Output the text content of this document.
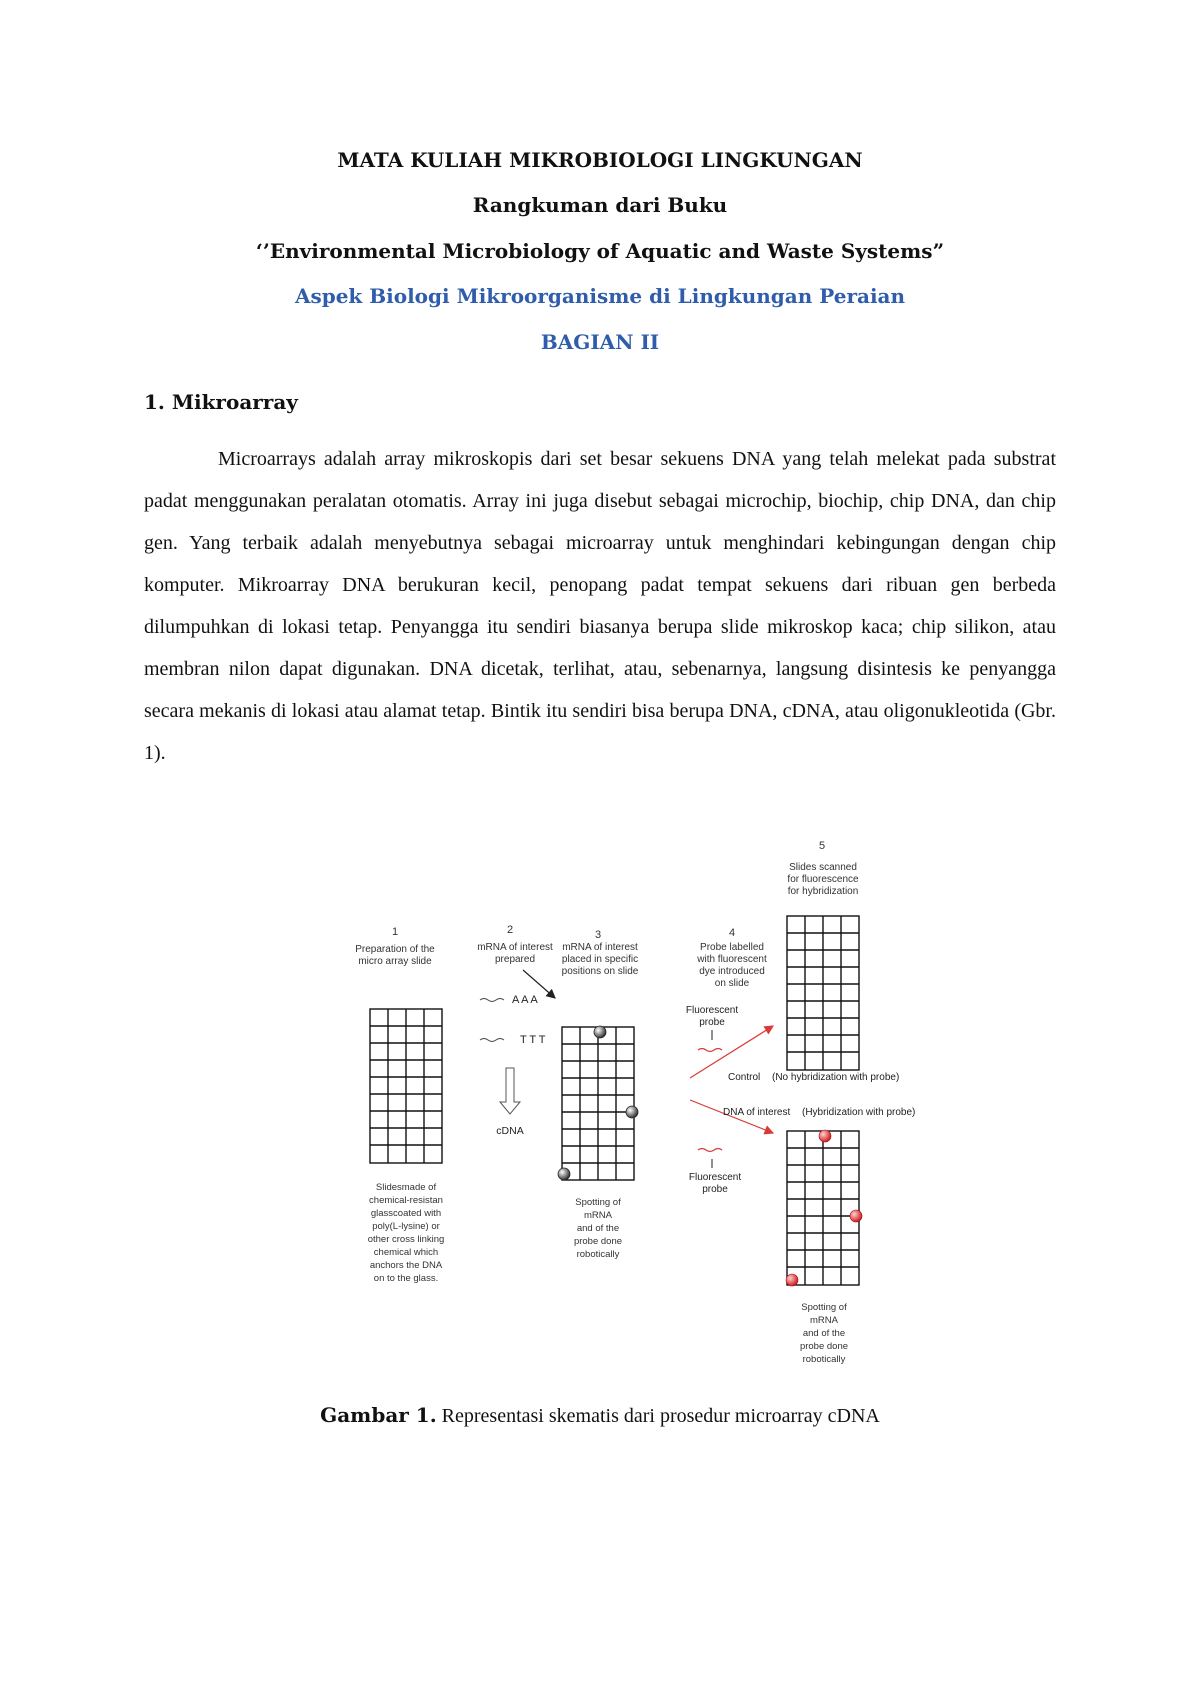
MATA KULIAH MIKROBIOLOGI LINGKUNGAN
Rangkuman dari Buku
‘’Environmental Microbiology of Aquatic and Waste Systems”
Aspek Biologi Mikroorganisme di Lingkungan Peraian
BAGIAN II
1. Mikroarray
Microarrays adalah array mikroskopis dari set besar sekuens DNA yang telah melekat pada substrat padat menggunakan peralatan otomatis. Array ini juga disebut sebagai microchip, biochip, chip DNA, dan chip gen. Yang terbaik adalah menyebutnya sebagai microarray untuk menghindari kebingungan dengan chip komputer. Mikroarray DNA berukuran kecil, penopang padat tempat sekuens dari ribuan gen berbeda dilumpuhkan di lokasi tetap. Penyangga itu sendiri biasanya berupa slide mikroskop kaca; chip silikon, atau membran nilon dapat digunakan. DNA dicetak, terlihat, atau, sebenarnya, langsung disintesis ke penyangga secara mekanis di lokasi atau alamat tetap. Bintik itu sendiri bisa berupa DNA, cDNA, atau oligonukleotida (Gbr. 1).
1
Preparation of the
micro array slide
Slidesmade of
chemical-resistan
glasscoated with
poly(L-lysine) or
other cross linking
chemical which
anchors the DNA
on to the glass.
2
mRNA of interest
prepared
A A A
T T T
cDNA
3
mRNA of interest
placed in specific
positions on slide
Spotting of
mRNA
and of the
probe done
robotically
4
Probe labelled
with fluorescent
dye introduced
on slide
Fluorescent
probe
Fluorescent
probe
5
Slides scanned
for fluorescence
for hybridization
Control (No hybridization with probe)
DNA of interest (Hybridization with probe)
Spotting of
mRNA
and of the
probe done
robotically
Gambar 1. Representasi skematis dari prosedur microarray cDNA
